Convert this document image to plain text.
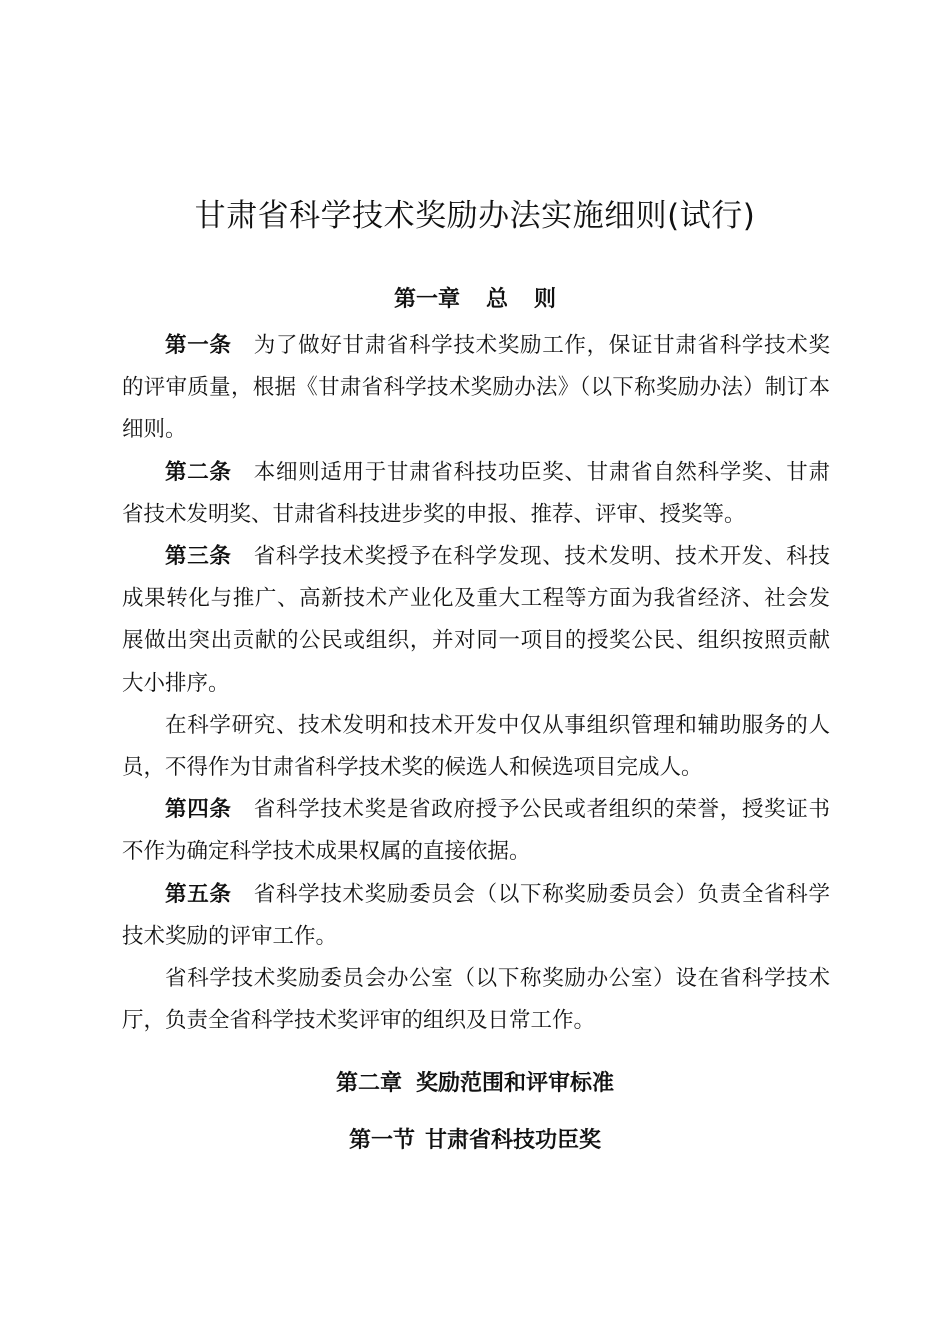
甘肃省科学技术奖励办法实施细则(试行)
第一章 总 则

第一条 为了做好甘肃省科学技术奖励工作，保证甘肃省科学技术奖的评审质量，根据《甘肃省科学技术奖励办法》（以下称奖励办法）制订本细则。

第二条 本细则适用于甘肃省科技功臣奖、甘肃省自然科学奖、甘肃省技术发明奖、甘肃省科技进步奖的申报、推荐、评审、授奖等。

第三条 省科学技术奖授予在科学发现、技术发明、技术开发、科技成果转化与推广、高新技术产业化及重大工程等方面为我省经济、社会发展做出突出贡献的公民或组织，并对同一项目的授奖公民、组织按照贡献大小排序。

在科学研究、技术发明和技术开发中仅从事组织管理和辅助服务的人员，不得作为甘肃省科学技术奖的候选人和候选项目完成人。

第四条 省科学技术奖是省政府授予公民或者组织的荣誉，授奖证书不作为确定科学技术成果权属的直接依据。

第五条 省科学技术奖励委员会（以下称奖励委员会）负责全省科学技术奖励的评审工作。

省科学技术奖励委员会办公室（以下称奖励办公室）设在省科学技术厅，负责全省科学技术奖评审的组织及日常工作。

第二章 奖励范围和评审标准
第一节 甘肃省科技功臣奖
